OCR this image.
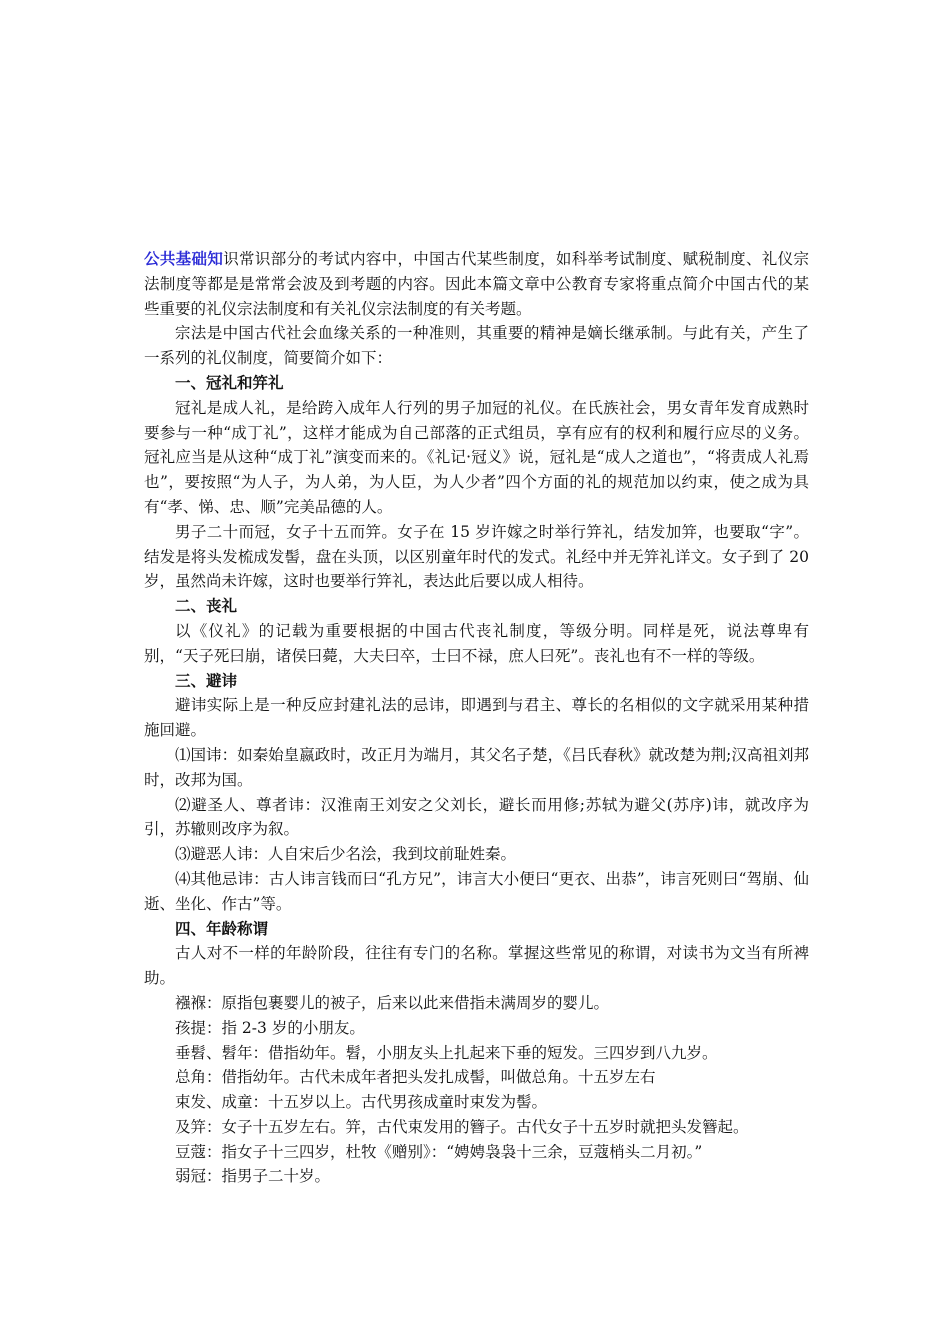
公共基础知识常识部分的考试内容中，中国古代某些制度，如科举考试制度、赋税制度、礼仪宗法制度等都是是常常会波及到考题的内容。因此本篇文章中公教育专家将重点简介中国古代的某些重要的礼仪宗法制度和有关礼仪宗法制度的有关考题。

宗法是中国古代社会血缘关系的一种准则，其重要的精神是嫡长继承制。与此有关，产生了一系列的礼仪制度，简要简介如下：

一、冠礼和笄礼

冠礼是成人礼，是给跨入成年人行列的男子加冠的礼仪。在氏族社会，男女青年发育成熟时要参与一种“成丁礼”，这样才能成为自己部落的正式组员，享有应有的权利和履行应尽的义务。冠礼应当是从这种“成丁礼”演变而来的。《礼记·冠义》说，冠礼是“成人之道也”，“将责成人礼焉也”，要按照“为人子，为人弟，为人臣，为人少者”四个方面的礼的规范加以约束，使之成为具有“孝、悌、忠、顺”完美品德的人。

男子二十而冠，女子十五而笄。女子在 15 岁许嫁之时举行笄礼，结发加笄，也要取“字”。结发是将头发梳成发髻，盘在头顶，以区别童年时代的发式。礼经中并无笄礼详文。女子到了 20 岁，虽然尚未许嫁，这时也要举行笄礼，表达此后要以成人相待。

二、丧礼

以《仪礼》的记载为重要根据的中国古代丧礼制度，等级分明。同样是死，说法尊卑有别，“天子死曰崩，诸侯曰薨，大夫曰卒，士曰不禄，庶人曰死”。丧礼也有不一样的等级。

三、避讳

避讳实际上是一种反应封建礼法的忌讳，即遇到与君主、尊长的名相似的文字就采用某种措施回避。

⑴国讳：如秦始皇嬴政时，改正月为端月，其父名子楚，《吕氏春秋》就改楚为荆;汉高祖刘邦时，改邦为国。

⑵避圣人、尊者讳：汉淮南王刘安之父刘长，避长而用修;苏轼为避父(苏序)讳，就改序为引，苏辙则改序为叙。

⑶避恶人讳：人自宋后少名浍，我到坟前耻姓秦。

⑷其他忌讳：古人讳言钱而曰“孔方兄”，讳言大小便曰“更衣、出恭”，讳言死则曰“驾崩、仙逝、坐化、作古”等。

四、年龄称谓

古人对不一样的年龄阶段，往往有专门的名称。掌握这些常见的称谓，对读书为文当有所裨助。

襁褓：原指包裹婴儿的被子，后来以此来借指未满周岁的婴儿。

孩提：指 2-3 岁的小朋友。

垂髫、髫年：借指幼年。髫，小朋友头上扎起来下垂的短发。三四岁到八九岁。

总角：借指幼年。古代未成年者把头发扎成髻，叫做总角。十五岁左右

束发、成童：十五岁以上。古代男孩成童时束发为髻。

及笄：女子十五岁左右。笄，古代束发用的簪子。古代女子十五岁时就把头发簪起。

豆蔻：指女子十三四岁，杜牧《赠别》：“娉娉袅袅十三余，豆蔻梢头二月初。”

弱冠：指男子二十岁。
